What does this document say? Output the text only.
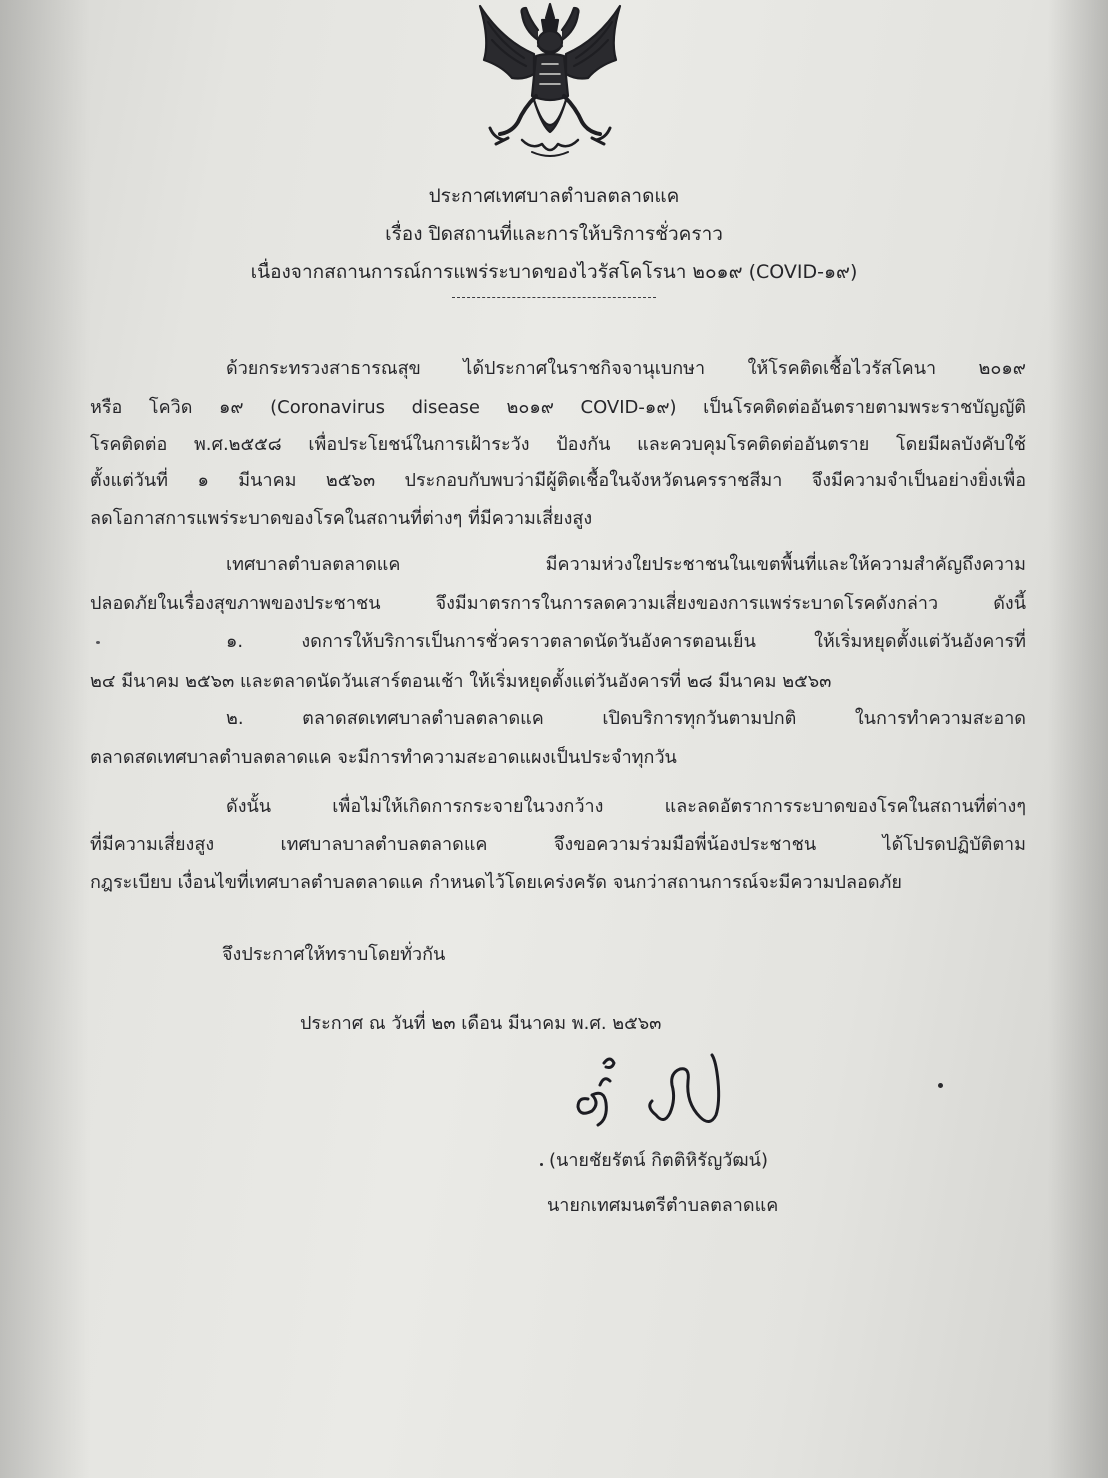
ประกาศเทศบาลตำบลตลาดแค
เรื่อง ปิดสถานที่และการให้บริการชั่วคราว
เนื่องจากสถานการณ์การแพร่ระบาดของไวรัสโคโรนา ๒๐๑๙ (COVID-๑๙)
ด้วยกระทรวงสาธารณสุข ได้ประกาศในราชกิจจานุเบกษา ให้โรคติดเชื้อไวรัสโคนา ๒๐๑๙
หรือ โควิด ๑๙ (Coronavirus disease ๒๐๑๙ COVID-๑๙) เป็นโรคติดต่ออันตรายตามพระราชบัญญัติ
โรคติดต่อ พ.ศ.๒๕๕๘ เพื่อประโยชน์ในการเฝ้าระวัง ป้องกัน และควบคุมโรคติดต่ออันตราย โดยมีผลบังคับใช้
ตั้งแต่วันที่ ๑ มีนาคม ๒๕๖๓ ประกอบกับพบว่ามีผู้ติดเชื้อในจังหวัดนครราชสีมา จึงมีความจำเป็นอย่างยิ่งเพื่อ
ลดโอกาสการแพร่ระบาดของโรคในสถานที่ต่างๆ ที่มีความเสี่ยงสูง
เทศบาลตำบลตลาดแค มีความห่วงใยประชาชนในเขตพื้นที่และให้ความสำคัญถึงความ
ปลอดภัยในเรื่องสุขภาพของประชาชน จึงมีมาตรการในการลดความเสี่ยงของการแพร่ระบาดโรคดังกล่าว ดังนี้
๑. งดการให้บริการเป็นการชั่วคราวตลาดนัดวันอังคารตอนเย็น ให้เริ่มหยุดตั้งแต่วันอังคารที่
๒๔ มีนาคม ๒๕๖๓ และตลาดนัดวันเสาร์ตอนเช้า ให้เริ่มหยุดตั้งแต่วันอังคารที่ ๒๘ มีนาคม ๒๕๖๓
๒. ตลาดสดเทศบาลตำบลตลาดแค เปิดบริการทุกวันตามปกติ ในการทำความสะอาด
ตลาดสดเทศบาลตำบลตลาดแค จะมีการทำความสะอาดแผงเป็นประจำทุกวัน
ดังนั้น เพื่อไม่ให้เกิดการกระจายในวงกว้าง และลดอัตราการระบาดของโรคในสถานที่ต่างๆ
ที่มีความเสี่ยงสูง เทศบาลบาลตำบลตลาดแค จึงขอความร่วมมือพี่น้องประชาชน ได้โปรดปฏิบัติตาม
กฎระเบียบ เงื่อนไขที่เทศบาลตำบลตลาดแค กำหนดไว้โดยเคร่งครัด จนกว่าสถานการณ์จะมีความปลอดภัย
จึงประกาศให้ทราบโดยทั่วกัน
ประกาศ ณ วันที่ ๒๓ เดือน มีนาคม พ.ศ. ๒๕๖๓
(นายชัยรัตน์ กิตติหิรัญวัฒน์)
นายกเทศมนตรีตำบลตลาดแค
